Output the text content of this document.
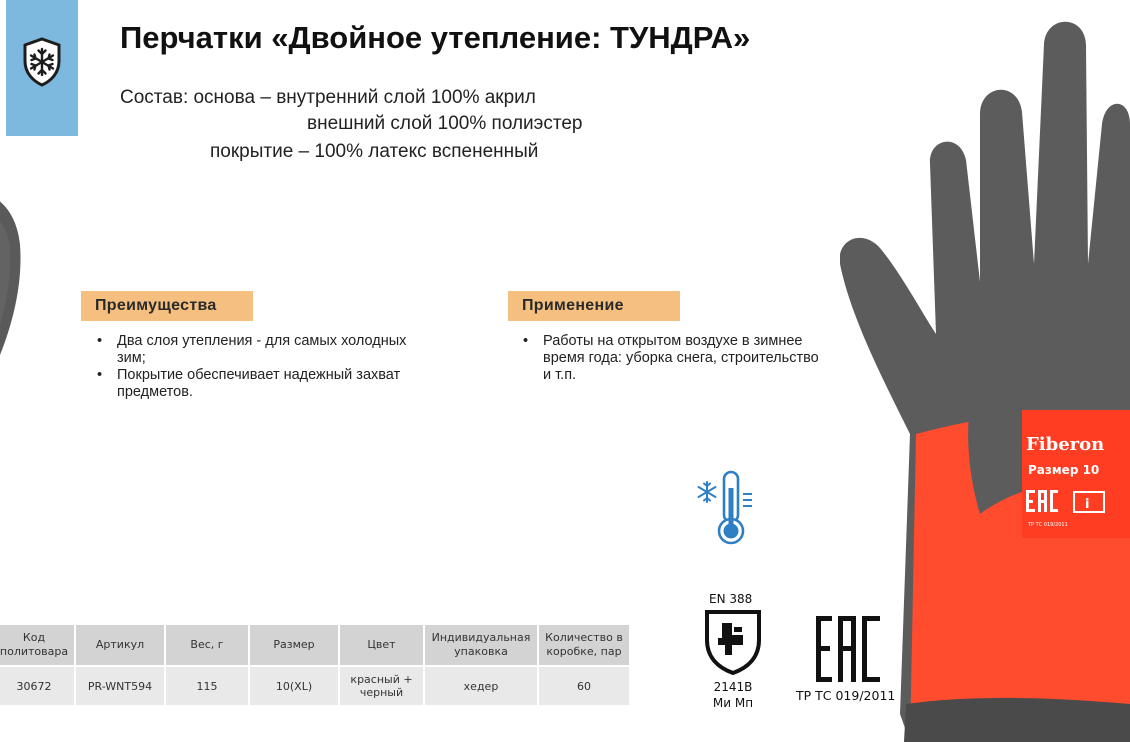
Перчатки «Двойное утепление: ТУНДРА»
Состав: основа – внутренний слой 100% акрил
внешний слой 100% полиэстер
покрытие – 100% латекс вспененный
Преимущества
• Два слоя утепления - для самых холодных зим;
• Покрытие обеспечивает надежный захват предметов.
Применение
• Работы на открытом воздухе в зимнее время года: уборка снега, строительство и т.п.
Код политовара	Артикул	Вес, г	Размер	Цвет	Индивидуальная упаковка	Количество в коробке, пар
30672	PR-WNT594	115	10(XL)	красный + черный	хедер	60
EN 388
2141B
Ми Мп	ТР ТС 019/2011
Fiberon
Размер 10
i
ТР ТС 019/2011
